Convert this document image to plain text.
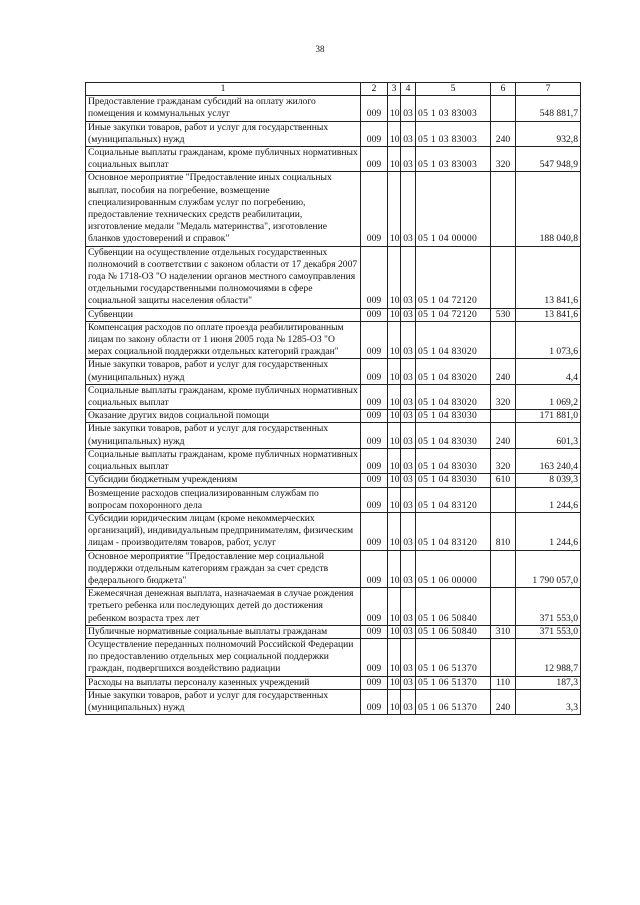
38
1	2	3	4	5	6	7
Предоставление гражданам субсидий на оплату жилого помещения и коммунальных услуг	009	10	03	05 1 03 83003		548 881,7
Иные закупки товаров, работ и услуг для государственных (муниципальных) нужд	009	10	03	05 1 03 83003	240	932,8
Социальные выплаты гражданам, кроме публичных нормативных социальных выплат	009	10	03	05 1 03 83003	320	547 948,9
Основное мероприятие "Предоставление иных социальных выплат, пособия на погребение, возмещение специализированным службам услуг по погребению, предоставление технических средств реабилитации, изготовление медали "Медаль материнства", изготовление бланков удостоверений и справок"	009	10	03	05 1 04 00000		188 040,8
Субвенции на осуществление отдельных государственных полномочий в соответствии с законом области от 17 декабря 2007 года № 1718-ОЗ "О наделении органов местного самоуправления отдельными государственными полномочиями в сфере социальной защиты населения области"	009	10	03	05 1 04 72120		13 841,6
Субвенции	009	10	03	05 1 04 72120	530	13 841,6
Компенсация расходов по оплате проезда реабилитированным лицам по закону области от 1 июня 2005 года № 1285-ОЗ "О мерах социальной поддержки отдельных категорий граждан"	009	10	03	05 1 04 83020		1 073,6
Иные закупки товаров, работ и услуг для государственных (муниципальных) нужд	009	10	03	05 1 04 83020	240	4,4
Социальные выплаты гражданам, кроме публичных нормативных социальных выплат	009	10	03	05 1 04 83020	320	1 069,2
Оказание других видов социальной помощи	009	10	03	05 1 04 83030		171 881,0
Иные закупки товаров, работ и услуг для государственных (муниципальных) нужд	009	10	03	05 1 04 83030	240	601,3
Социальные выплаты гражданам, кроме публичных нормативных социальных выплат	009	10	03	05 1 04 83030	320	163 240,4
Субсидии бюджетным учреждениям	009	10	03	05 1 04 83030	610	8 039,3
Возмещение расходов специализированным службам по вопросам похоронного дела	009	10	03	05 1 04 83120		1 244,6
Субсидии юридическим лицам (кроме некоммерческих организаций), индивидуальным предпринимателям, физическим лицам - производителям товаров, работ, услуг	009	10	03	05 1 04 83120	810	1 244,6
Основное мероприятие "Предоставление мер социальной поддержки отдельным категориям граждан за счет средств федерального бюджета"	009	10	03	05 1 06 00000		1 790 057,0
Ежемесячная денежная выплата, назначаемая в случае рождения третьего ребенка или последующих детей до достижения ребенком возраста трех лет	009	10	03	05 1 06 50840		371 553,0
Публичные нормативные социальные выплаты гражданам	009	10	03	05 1 06 50840	310	371 553,0
Осуществление переданных полномочий Российской Федерации по предоставлению отдельных мер социальной поддержки граждан, подвергшихся воздействию радиации	009	10	03	05 1 06 51370		12 988,7
Расходы на выплаты персоналу казенных учреждений	009	10	03	05 1 06 51370	110	187,3
Иные закупки товаров, работ и услуг для государственных (муниципальных) нужд	009	10	03	05 1 06 51370	240	3,3
